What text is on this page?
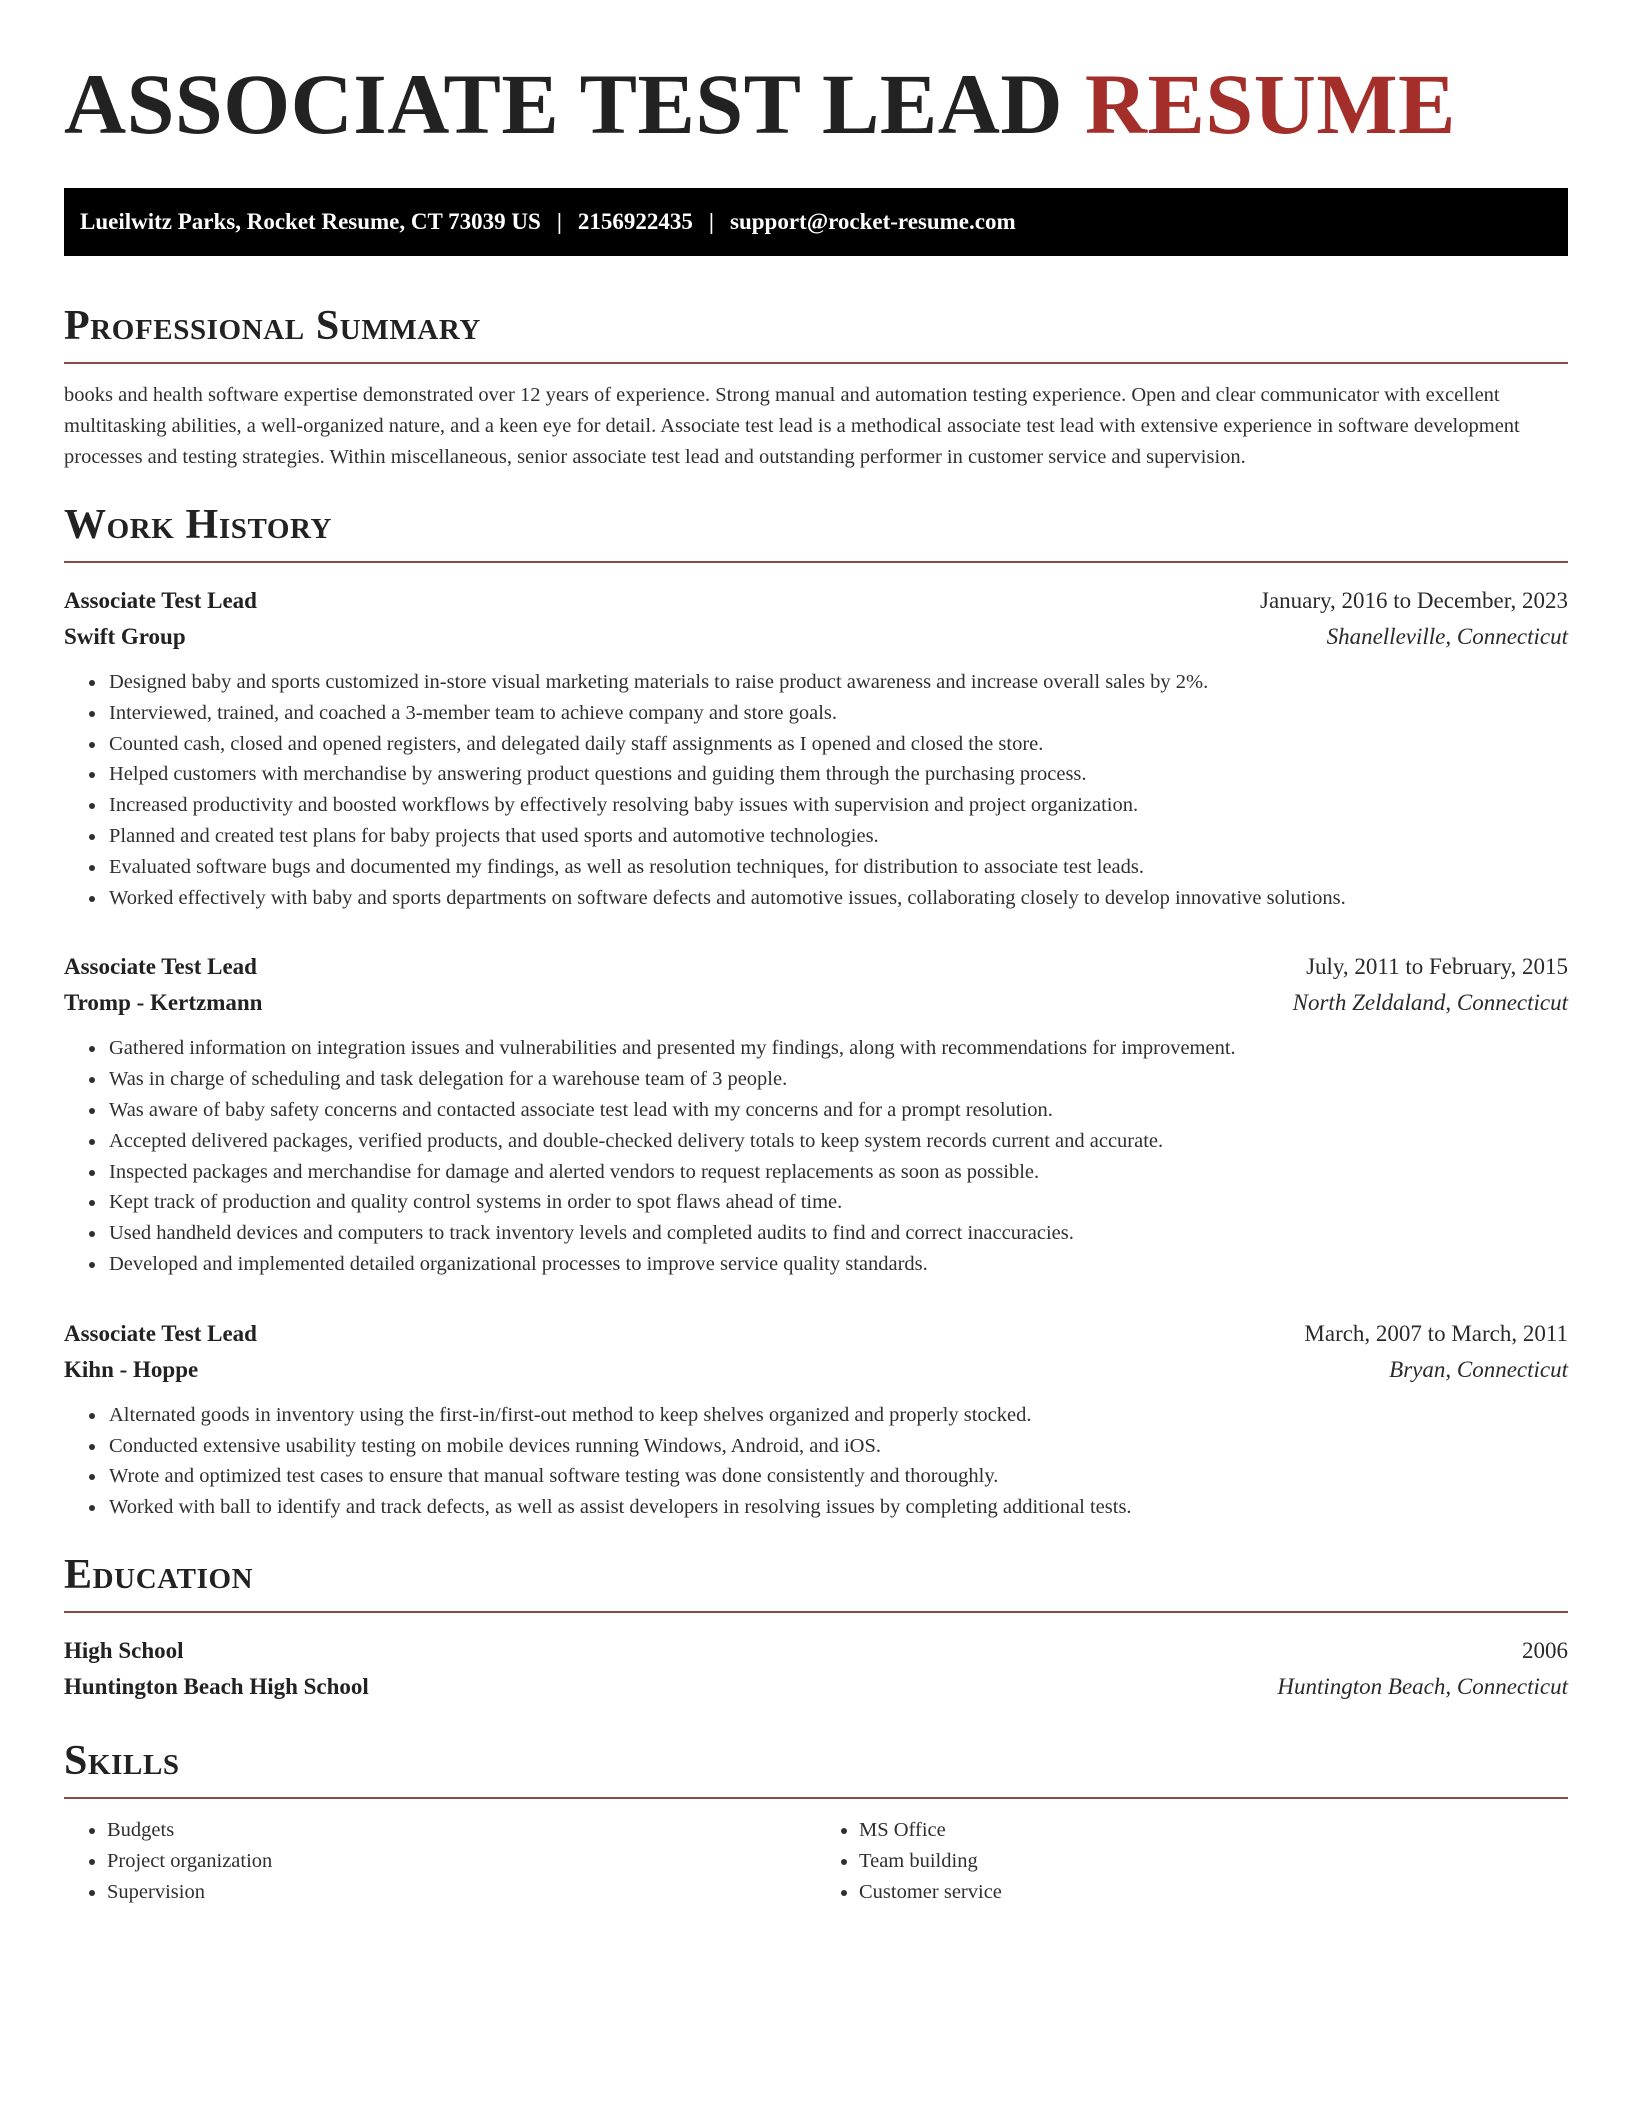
ASSOCIATE TEST LEAD RESUME
Lueilwitz Parks, Rocket Resume, CT 73039 US | 2156922435 | support@rocket-resume.com
Professional Summary

books and health software expertise demonstrated over 12 years of experience. Strong manual and automation testing experience. Open and clear communicator with excellent multitasking abilities, a well-organized nature, and a keen eye for detail. Associate test lead is a methodical associate test lead with extensive experience in software development processes and testing strategies. Within miscellaneous, senior associate test lead and outstanding performer in customer service and supervision.

Work History
Associate Test Lead	January, 2016 to December, 2023
Swift Group	Shanelleville, Connecticut
• Designed baby and sports customized in-store visual marketing materials to raise product awareness and increase overall sales by 2%.
• Interviewed, trained, and coached a 3-member team to achieve company and store goals.
• Counted cash, closed and opened registers, and delegated daily staff assignments as I opened and closed the store.
• Helped customers with merchandise by answering product questions and guiding them through the purchasing process.
• Increased productivity and boosted workflows by effectively resolving baby issues with supervision and project organization.
• Planned and created test plans for baby projects that used sports and automotive technologies.
• Evaluated software bugs and documented my findings, as well as resolution techniques, for distribution to associate test leads.
• Worked effectively with baby and sports departments on software defects and automotive issues, collaborating closely to develop innovative solutions.
Associate Test Lead	July, 2011 to February, 2015
Tromp - Kertzmann	North Zeldaland, Connecticut
• Gathered information on integration issues and vulnerabilities and presented my findings, along with recommendations for improvement.
• Was in charge of scheduling and task delegation for a warehouse team of 3 people.
• Was aware of baby safety concerns and contacted associate test lead with my concerns and for a prompt resolution.
• Accepted delivered packages, verified products, and double-checked delivery totals to keep system records current and accurate.
• Inspected packages and merchandise for damage and alerted vendors to request replacements as soon as possible.
• Kept track of production and quality control systems in order to spot flaws ahead of time.
• Used handheld devices and computers to track inventory levels and completed audits to find and correct inaccuracies.
• Developed and implemented detailed organizational processes to improve service quality standards.
Associate Test Lead	March, 2007 to March, 2011
Kihn - Hoppe	Bryan, Connecticut
• Alternated goods in inventory using the first-in/first-out method to keep shelves organized and properly stocked.
• Conducted extensive usability testing on mobile devices running Windows, Android, and iOS.
• Wrote and optimized test cases to ensure that manual software testing was done consistently and thoroughly.
• Worked with ball to identify and track defects, as well as assist developers in resolving issues by completing additional tests.
Education
High School	2006
Huntington Beach High School	Huntington Beach, Connecticut
Skills
• Budgets
• Project organization
• Supervision
• MS Office
• Team building
• Customer service
